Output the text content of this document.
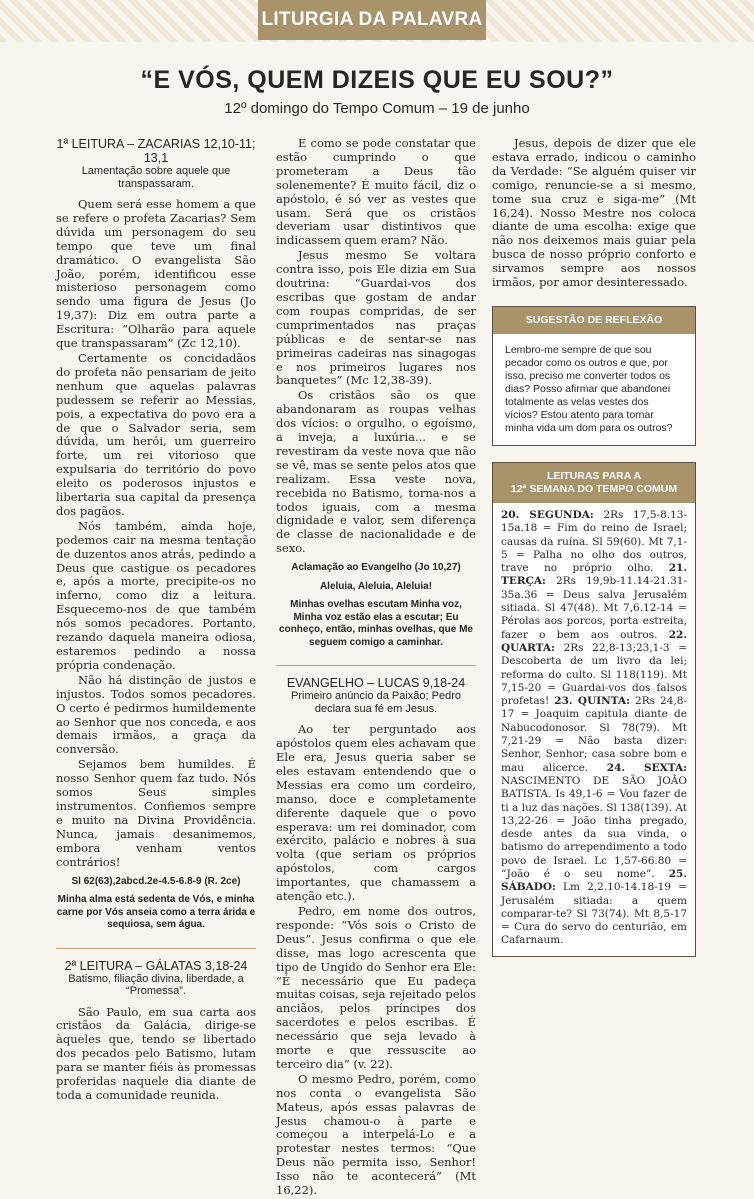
LITURGIA DA PALAVRA
“E VÓS, QUEM DIZEIS QUE EU SOU?”
12º domingo do Tempo Comum – 19 de junho
1ª LEITURA – ZACARIAS 12,10-11; 13,1
Lamentação sobre aquele que transpassaram.

Quem será esse homem a que se refere o profeta Zacarias? Sem dúvida um personagem do seu tempo que teve um final dramático. O evangelista São João, porém, identificou esse misterioso personagem como sendo uma figura de Jesus (Jo 19,37): Diz em outra parte a Escritura: “Olharão para aquele que transpassaram” (Zc 12,10).

Certamente os concidadãos do profeta não pensariam de jeito nenhum que aquelas palavras pudessem se referir ao Messias, pois, a expectativa do povo era a de que o Salvador seria, sem dúvida, um herói, um guerreiro forte, um rei vitorioso que expulsaria do território do povo eleito os poderosos injustos e libertaria sua capital da presença dos pagãos.

Nós também, ainda hoje, podemos cair na mesma tentação de duzentos anos atrás, pedindo a Deus que castigue os pecadores e, após a morte, precipite-os no inferno, como diz a leitura. Esquecemo-nos de que também nós somos pecadores. Portanto, rezando daquela maneira odiosa, estaremos pedindo a nossa própria condenação.

Não há distinção de justos e injustos. Todos somos pecadores. O certo é pedirmos humildemente ao Senhor que nos conceda, e aos demais irmãos, a graça da conversão.

Sejamos bem humildes. É nosso Senhor quem faz tudo. Nós somos Seus simples instrumentos. Confiemos sempre e muito na Divina Providência. Nunca, jamais desanimemos, embora venham ventos contrários!

Sl 62(63),2abcd.2e-4.5-6.8-9 (R. 2ce)
Minha alma está sedenta de Vós, e minha carne por Vós anseia como a terra árida e sequiosa, sem água.
2ª LEITURA – GÁLATAS 3,18-24
Batismo, filiação divina, liberdade, a “Promessa”.

São Paulo, em sua carta aos cristãos da Galácia, dirige-se àqueles que, tendo se libertado dos pecados pelo Batismo, lutam para se manter fiéis às promessas proferidas naquele dia diante de toda a comunidade reunida.

E como se pode constatar que estão cumprindo o que prometeram a Deus tão solenemente? É muito fácil, diz o apóstolo, é só ver as vestes que usam. Será que os cristãos deveriam usar distintivos que indicassem quem eram? Não.

Jesus mesmo Se voltara contra isso, pois Ele dizia em Sua doutrina: “Guardai-vos dos escribas que gostam de andar com roupas compridas, de ser cumprimentados nas praças públicas e de sentar-se nas primeiras cadeiras nas sinagogas e nos primeiros lugares nos banquetes” (Mc 12,38-39).

Os cristãos são os que abandonaram as roupas velhas dos vícios: o orgulho, o egoísmo, a inveja, a luxúria... e se revestiram da veste nova que não se vê, mas se sente pelos atos que realizam. Essa veste nova, recebida no Batismo, torna-nos a todos iguais, com a mesma dignidade e valor, sem diferença de classe de nacionalidade e de sexo.

Aclamação ao Evangelho (Jo 10,27)
Aleluia, Aleluia, Aleluia!
Minhas ovelhas escutam Minha voz, Minha voz estão elas a escutar; Eu conheço, então, minhas ovelhas, que Me seguem comigo a caminhar.
EVANGELHO – LUCAS 9,18-24
Primeiro anúncio da Paixão; Pedro declara sua fé em Jesus.

Ao ter perguntado aos apóstolos quem eles achavam que Ele era, Jesus queria saber se eles estavam entendendo que o Messias era como um cordeiro, manso, doce e completamente diferente daquele que o povo esperava: um rei dominador, com exército, palácio e nobres à sua volta (que seriam os próprios apóstolos, com cargos importantes, que chamassem a atenção etc.).

Pedro, em nome dos outros, responde: “Vós sois o Cristo de Deus”. Jesus confirma o que ele disse, mas logo acrescenta que tipo de Ungido do Senhor era Ele: “É necessário que Eu padeça muitas coisas, seja rejeitado pelos anciãos, pelos príncipes dos sacerdotes e pelos escribas. É necessário que seja levado à morte e que ressuscite ao terceiro dia” (v. 22).

O mesmo Pedro, porém, como nos conta o evangelista São Mateus, após essas palavras de Jesus chamou-o à parte e começou a interpelá-Lo e a protestar nestes termos: “Que Deus não permita isso, Senhor! Isso não te acontecerá” (Mt 16,22).

Jesus, depois de dizer que ele estava errado, indicou o caminho da Verdade: “Se alguém quiser vir comigo, renuncie-se a si mesmo, tome sua cruz e siga-me” (Mt 16,24). Nosso Mestre nos coloca diante de uma escolha: exige que não nos deixemos mais guiar pela busca de nosso próprio conforto e sirvamos sempre aos nossos irmãos, por amor desinteressado.

SUGESTÃO DE REFLEXÃO
Lembro-me sempre de que sou pecador como os outros e que, por isso, preciso me converter todos os dias? Posso afirmar que abandonei totalmente as velas vestes dos vícios? Estou atento para tornar minha vida um dom para os outros?
LEITURAS PARA A
12ª SEMANA DO TEMPO COMUM
20. SEGUNDA: 2Rs 17,5-8.13-15a.18 = Fim do reino de Israel; causas da ruína. Sl 59(60). Mt 7,1-5 = Palha no olho dos outros, trave no próprio olho. 21. TERÇA: 2Rs 19,9b-11.14-21.31-35a.36 = Deus salva Jerusalém sitiada. Sl 47(48). Mt 7,6.12-14 = Pérolas aos porcos, porta estreita, fazer o bem aos outros. 22. QUARTA: 2Rs 22,8-13;23,1-3 = Descoberta de um livro da lei; reforma do culto. Sl 118(119). Mt 7,15-20 = Guardai-vos dos falsos profetas! 23. QUINTA: 2Rs 24,8-17 = Joaquim capitula diante de Nabucodonosor. Sl 78(79). Mt 7,21-29 = Não basta dizer: Senhor, Senhor; casa sobre bom e mau alicerce. 24. SEXTA: NASCIMENTO DE SÃO JOÃO BATISTA. Is 49,1-6 = Vou fazer de ti a luz das nações. Sl 138(139). At 13,22-26 = João tinha pregado, desde antes da sua vinda, o batismo do arrependimento a todo povo de Israel. Lc 1,57-66.80 = “João é o seu nome”. 25. SÁBADO: Lm 2,2.10-14.18-19 = Jerusalém sitiada: a quem comparar-te? Sl 73(74). Mt 8,5-17 = Cura do servo do centurião, em Cafarnaum.
